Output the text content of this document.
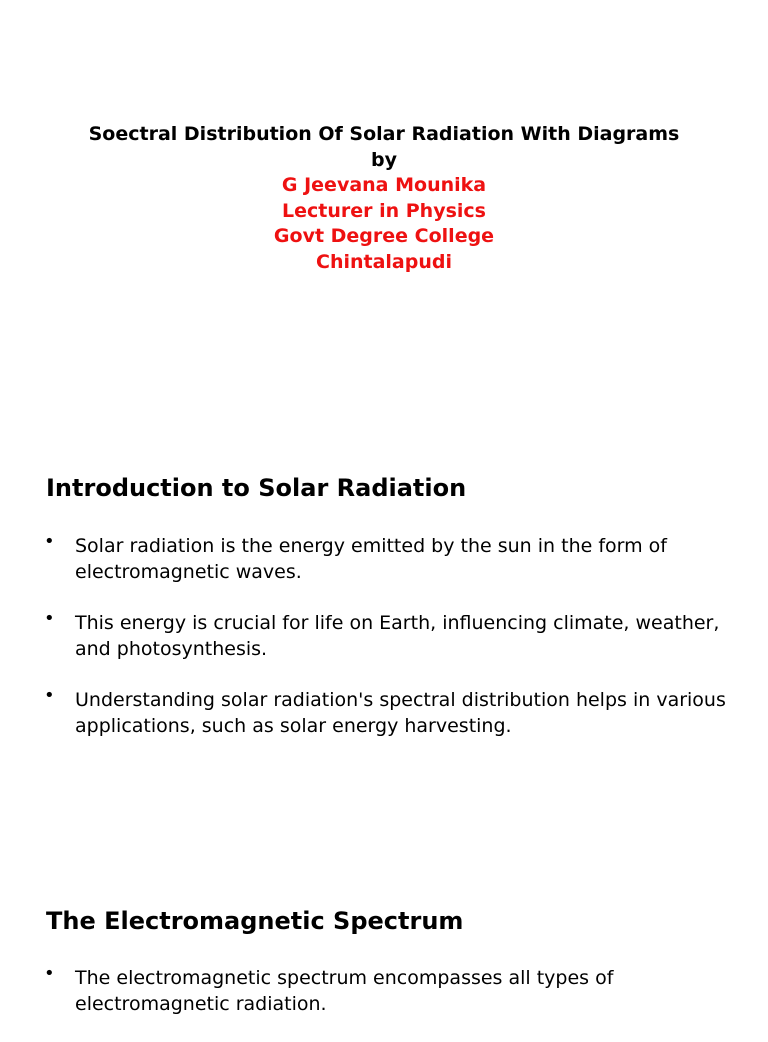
Soectral Distribution Of Solar Radiation With Diagrams
by
G Jeevana Mounika
Lecturer in Physics
Govt Degree College
Chintalapudi
Introduction to Solar Radiation
• Solar radiation is the energy emitted by the sun in the form of electromagnetic waves.
• This energy is crucial for life on Earth, influencing climate, weather, and photosynthesis.
• Understanding solar radiation's spectral distribution helps in various applications, such as solar energy harvesting.
The Electromagnetic Spectrum
• The electromagnetic spectrum encompasses all types of electromagnetic radiation.
